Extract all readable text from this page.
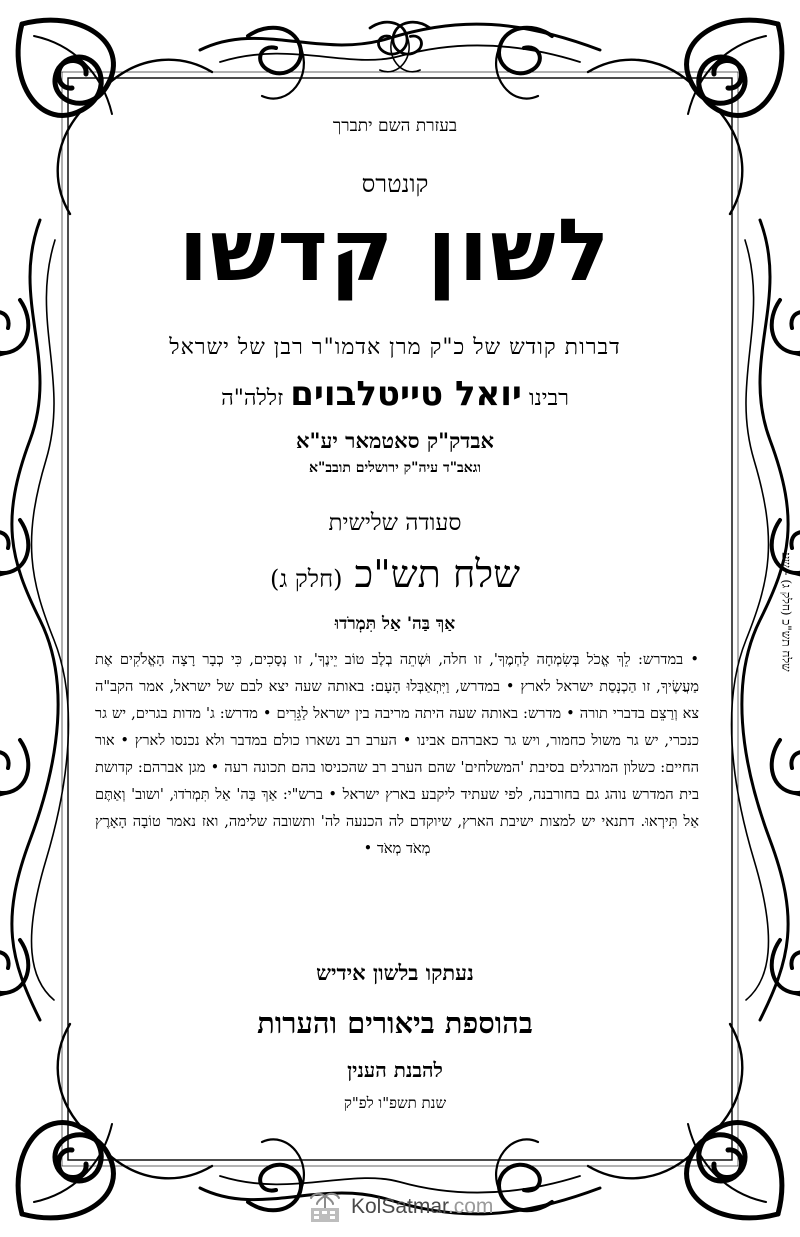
בעזרת השם יתברך
קונטרס
לשון קדשו
דברות קודש של כ"ק מרן אדמו"ר רבן של ישראל
רבינו יואל טייטלבוים זללה"ה
אבדק"ק סאטמאר יע"א
וגאב"ד עיה"ק ירושלים תובב"א
סעודה שלישית
שלח תש"כ (חלק ג)
אַךְ בַּה' אַל תִּמְרֹדוּ
• במדרש: לֵךְ אֱכֹל בְּשִׂמְחָה לַחְמֶךָ', זו חלה, וּשְׁתֵה בְלֶב טוֹב יֵינֶךָ', זו נְסָכִים, כִּי כְבָר רָצָה הָאֱלֹקִים אֶת מַעֲשֶׂיךָ, זו הַכְנָסַת ישראל לארץ • במדרש, וַיִּתְאַבְּלוּ הָעָם: באותה שעה יצא לבם של ישראל, אמר הקב"ה צא וְרַצֵם בדברי תורה • מדרש: באותה שעה היתה מריבה בין ישראל לַגֵּרִים • מדרש: ג' מדות בגרים, יש גר כנכרי, יש גר משול כחמור, ויש גר כאברהם אבינו • הערב רב נשארו כולם במדבר ולא נכנסו לארץ • אור החיים: כשלון המרגלים בסיבת 'המשלחים' שהם הערב רב שהכניסו בהם תכונה רעה • מגן אברהם: קדושת בית המדרש נוהג גם בחורבנה, לפי שעתיד ליקבע בארץ ישראל • ברש"י: אַךְ בַּה' אַל תִּמְרֹדוּ, 'ושוב' וְאַתֶּם אַל תִּירְאוּ. דתנאי יש למצות ישיבת הארץ, שיוקדם לה הכנעה לה' ותשובה שלימה, ואז נאמר טוֹבָה הָאָרֶץ מְאֹד מְאֹד •
נעתקו בלשון אידיש
בהוספת ביאורים והערות
להבנת הענין
שנת תשפ"ו לפ"ק
שלח תש"כ (חלק ג) - שע
KolSatmar.com
